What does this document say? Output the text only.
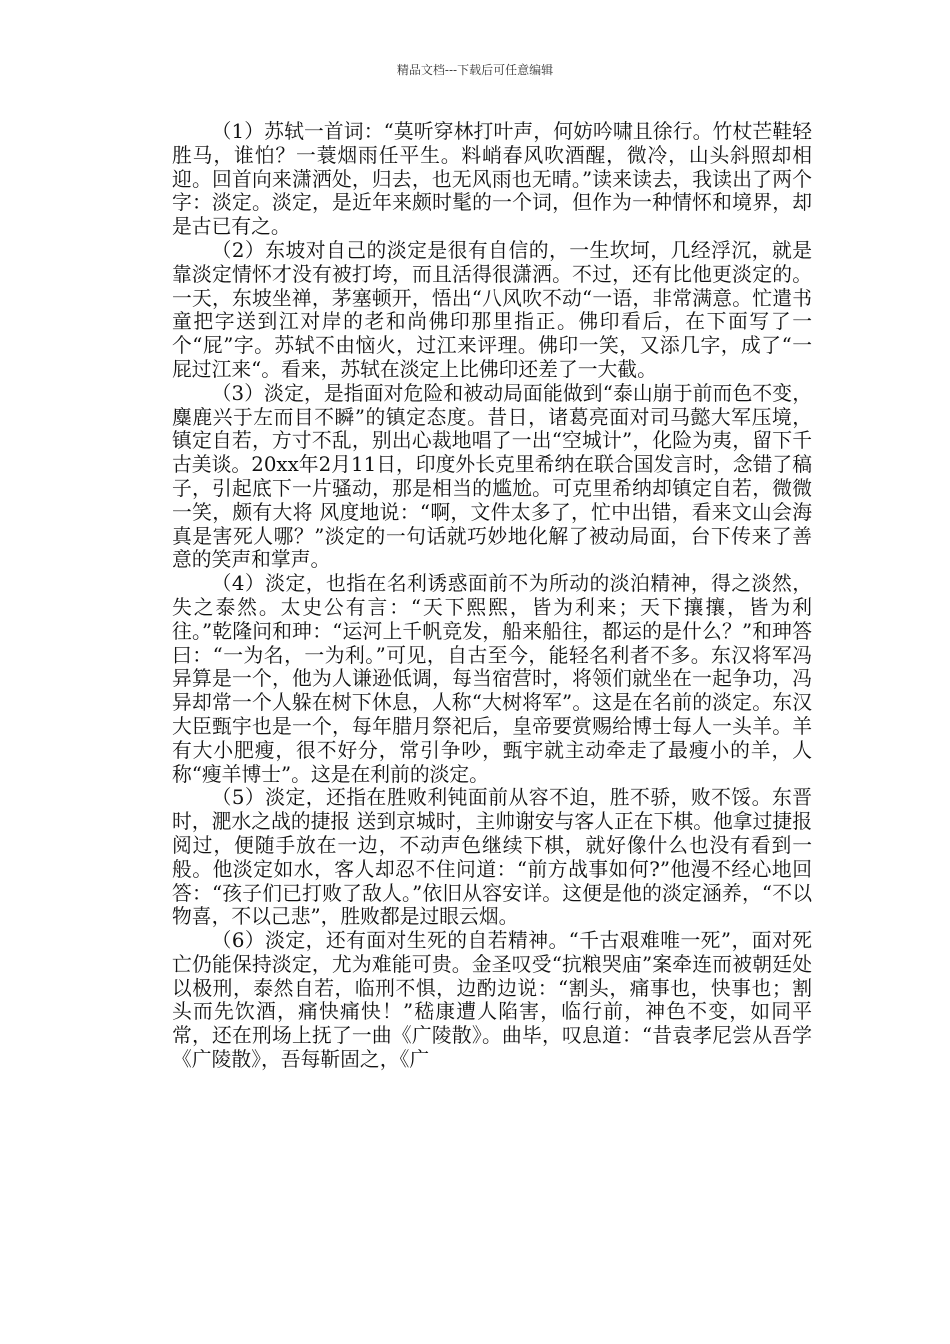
精品文档---下载后可任意编辑

（1）苏轼一首词：“莫听穿林打叶声，何妨吟啸且徐行。竹杖芒鞋轻胜马，谁怕？一蓑烟雨任平生。料峭春风吹酒醒，微冷，山头斜照却相迎。回首向来潇洒处，归去，也无风雨也无晴。”读来读去，我读出了两个字：淡定。淡定，是近年来颇时髦的一个词，但作为一种情怀和境界，却是古已有之。

（2）东坡对自己的淡定是很有自信的，一生坎坷，几经浮沉，就是靠淡定情怀才没有被打垮，而且活得很潇洒。不过，还有比他更淡定的。一天，东坡坐禅，茅塞顿开，悟出“八风吹不动“一语，非常满意。忙遣书童把字送到江对岸的老和尚佛印那里指正。佛印看后，在下面写了一个“屁”字。苏轼不由恼火，过江来评理。佛印一笑，又添几字，成了“一屁过江来“。看来，苏轼在淡定上比佛印还差了一大截。

（3）淡定，是指面对危险和被动局面能做到“泰山崩于前而色不变，麋鹿兴于左而目不瞬”的镇定态度。昔日，诸葛亮面对司马懿大军压境，镇定自若，方寸不乱，别出心裁地唱了一出“空城计”，化险为夷，留下千古美谈。20xx年2月11日，印度外长克里希纳在联合国发言时，念错了稿子，引起底下一片骚动，那是相当的尴尬。可克里希纳却镇定自若，微微一笑，颇有大将 风度地说：“啊，文件太多了，忙中出错，看来文山会海真是害死人哪？”淡定的一句话就巧妙地化解了被动局面，台下传来了善意的笑声和掌声。

（4）淡定，也指在名利诱惑面前不为所动的淡泊精神，得之淡然，失之泰然。太史公有言：“天下熙熙，皆为利来；天下攘攘，皆为利往。”乾隆问和珅：“运河上千帆竞发，船来船往，都运的是什么？”和珅答曰：“一为名，一为利。”可见，自古至今，能轻名利者不多。东汉将军冯异算是一个，他为人谦逊低调，每当宿营时，将领们就坐在一起争功，冯异却常一个人躲在树下休息，人称“大树将军”。这是在名前的淡定。东汉大臣甄宇也是一个，每年腊月祭祀后，皇帝要赏赐给博士每人一头羊。羊有大小肥瘦，很不好分，常引争吵，甄宇就主动牵走了最瘦小的羊，人称“瘦羊博士”。这是在利前的淡定。

（5）淡定，还指在胜败利钝面前从容不迫，胜不骄，败不馁。东晋时，淝水之战的捷报 送到京城时，主帅谢安与客人正在下棋。他拿过捷报阅过，便随手放在一边，不动声色继续下棋，就好像什么也没有看到一般。他淡定如水，客人却忍不住问道：“前方战事如何?”他漫不经心地回答：“孩子们已打败了敌人。”依旧从容安详。这便是他的淡定涵养，“不以物喜，不以己悲”，胜败都是过眼云烟。

（6）淡定，还有面对生死的自若精神。“千古艰难唯一死”，面对死亡仍能保持淡定，尤为难能可贵。金圣叹受“抗粮哭庙”案牵连而被朝廷处以极刑，泰然自若，临刑不惧，边酌边说：“割头，痛事也，快事也；割头而先饮酒，痛快痛快！”嵇康遭人陷害，临行前，神色不变，如同平常，还在刑场上抚了一曲《广陵散》。曲毕，叹息道：“昔袁孝尼尝从吾学《广陵散》，吾每靳固之，《广
